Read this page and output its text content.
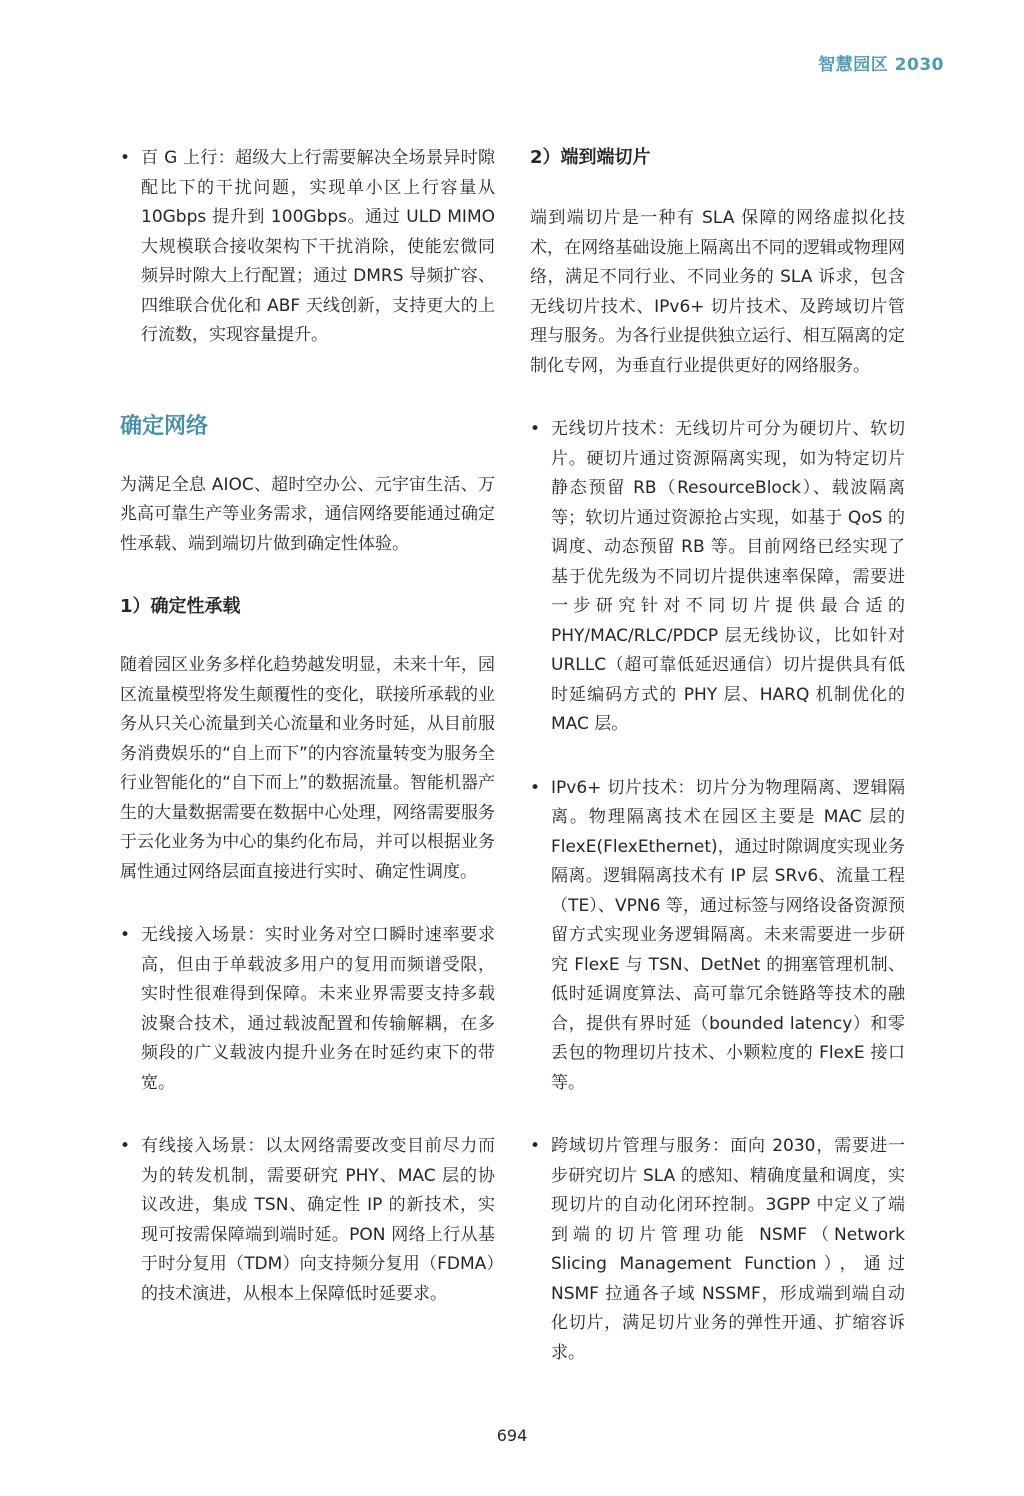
智慧园区 2030
• 百 G 上行：超级大上行需要解决全场景异时隙配比下的干扰问题，实现单小区上行容量从 10Gbps 提升到 100Gbps。通过 ULD MIMO 大规模联合接收架构下干扰消除，使能宏微同频异时隙大上行配置；通过 DMRS 导频扩容、四维联合优化和 ABF 天线创新，支持更大的上行流数，实现容量提升。
确定网络

为满足全息 AIOC、超时空办公、元宇宙生活、万兆高可靠生产等业务需求，通信网络要能通过确定性承载、端到端切片做到确定性体验。

1）确定性承载

随着园区业务多样化趋势越发明显，未来十年，园区流量模型将发生颠覆性的变化，联接所承载的业务从只关心流量到关心流量和业务时延，从目前服务消费娱乐的“自上而下”的内容流量转变为服务全行业智能化的“自下而上”的数据流量。智能机器产生的大量数据需要在数据中心处理，网络需要服务于云化业务为中心的集约化布局，并可以根据业务属性通过网络层面直接进行实时、确定性调度。

• 无线接入场景：实时业务对空口瞬时速率要求高，但由于单载波多用户的复用而频谱受限，实时性很难得到保障。未来业界需要支持多载波聚合技术，通过载波配置和传输解耦，在多频段的广义载波内提升业务在时延约束下的带宽。
• 有线接入场景：以太网络需要改变目前尽力而为的转发机制，需要研究 PHY、MAC 层的协议改进，集成 TSN、确定性 IP 的新技术，实现可按需保障端到端时延。PON 网络上行从基于时分复用（TDM）向支持频分复用（FDMA）的技术演进，从根本上保障低时延要求。
2）端到端切片

端到端切片是一种有 SLA 保障的网络虚拟化技术，在网络基础设施上隔离出不同的逻辑或物理网络，满足不同行业、不同业务的 SLA 诉求，包含无线切片技术、IPv6+ 切片技术、及跨域切片管理与服务。为各行业提供独立运行、相互隔离的定制化专网，为垂直行业提供更好的网络服务。

• 无线切片技术：无线切片可分为硬切片、软切片。硬切片通过资源隔离实现，如为特定切片静态预留 RB（ResourceBlock）、载波隔离等；软切片通过资源抢占实现，如基于 QoS 的调度、动态预留 RB 等。目前网络已经实现了基于优先级为不同切片提供速率保障，需要进一步研究针对不同切片提供最合适的 PHY/MAC/RLC/PDCP 层无线协议，比如针对 URLLC（超可靠低延迟通信）切片提供具有低时延编码方式的 PHY 层、HARQ 机制优化的 MAC 层。
• IPv6+ 切片技术：切片分为物理隔离、逻辑隔离。物理隔离技术在园区主要是 MAC 层的 FlexE(FlexEthernet)，通过时隙调度实现业务隔离。逻辑隔离技术有 IP 层 SRv6、流量工程（TE）、VPN6 等，通过标签与网络设备资源预留方式实现业务逻辑隔离。未来需要进一步研究 FlexE 与 TSN、DetNet 的拥塞管理机制、低时延调度算法、高可靠冗余链路等技术的融合，提供有界时延（bounded latency）和零丢包的物理切片技术、小颗粒度的 FlexE 接口等。
• 跨域切片管理与服务：面向 2030，需要进一步研究切片 SLA 的感知、精确度量和调度，实现切片的自动化闭环控制。3GPP 中定义了端到端的切片管理功能 NSMF（Network Slicing Management Function），通过 NSMF 拉通各子域 NSSMF，形成端到端自动化切片，满足切片业务的弹性开通、扩缩容诉求。
694
